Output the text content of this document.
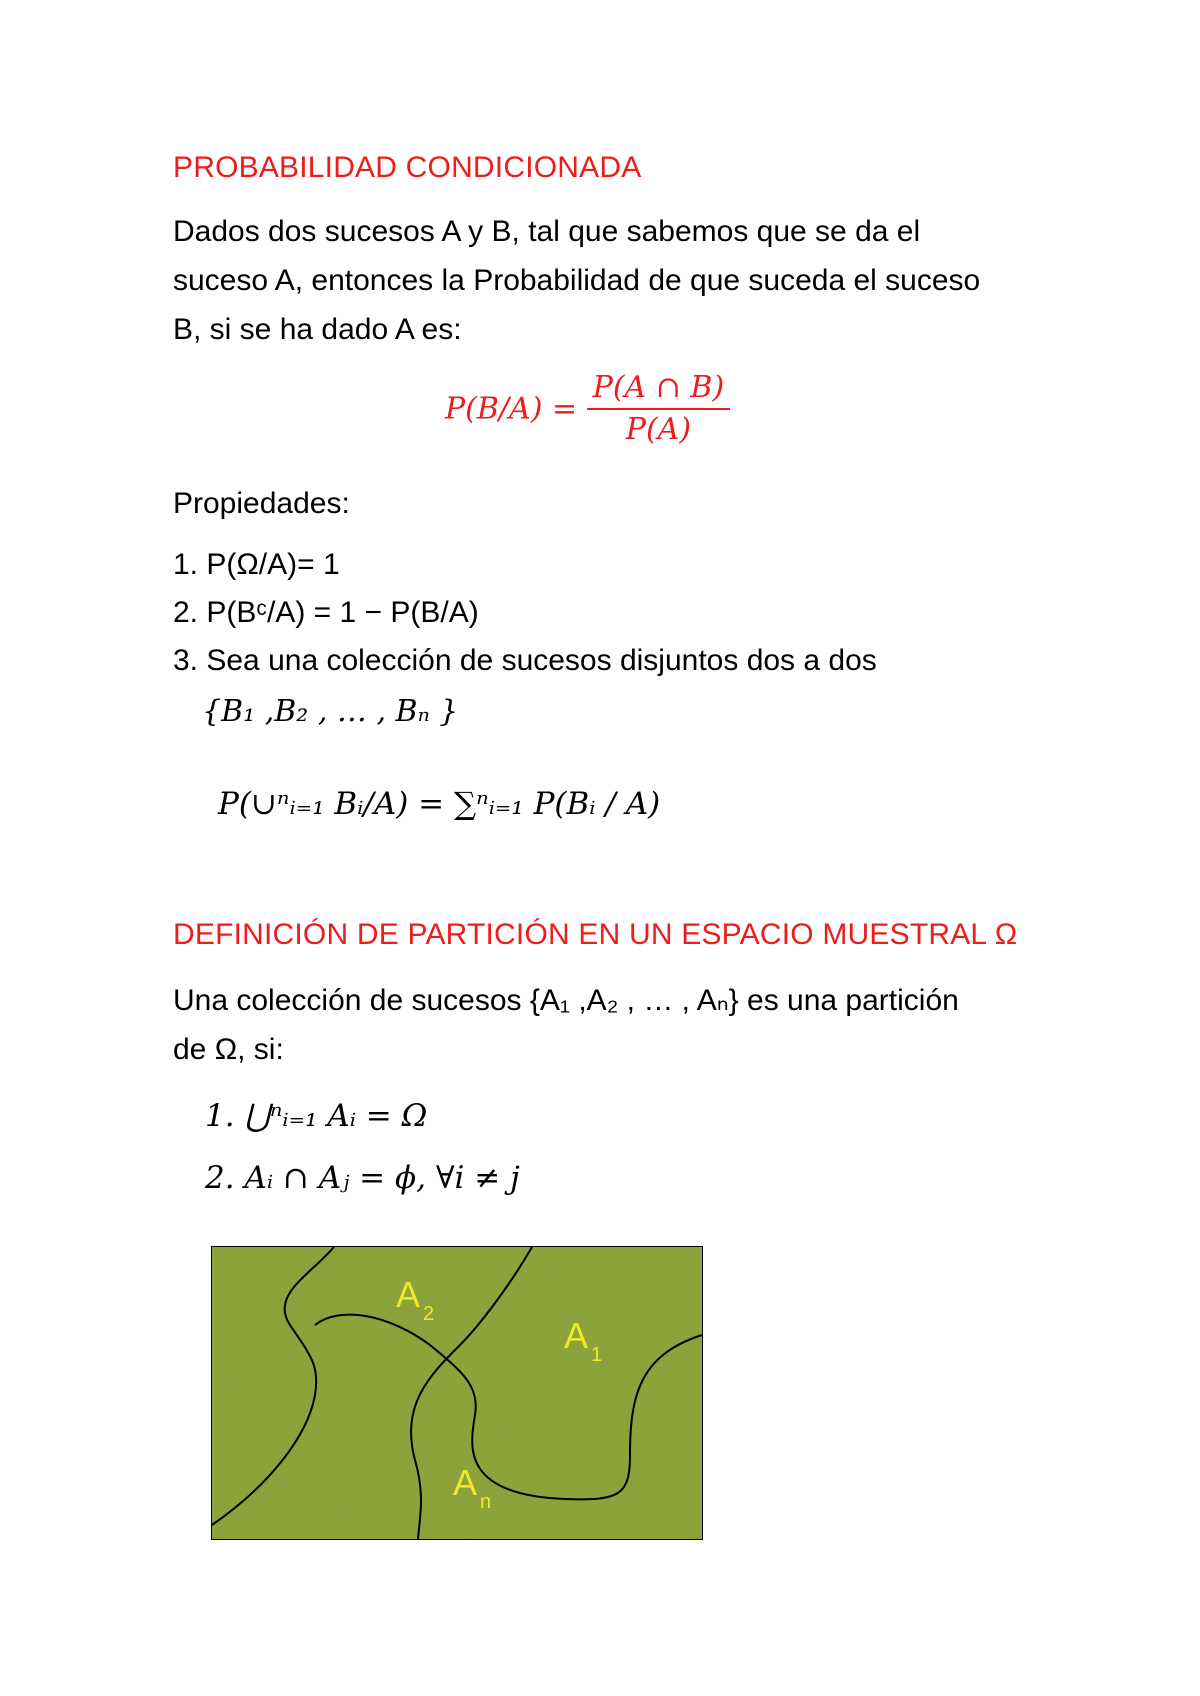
PROBABILIDAD CONDICIONADA
Dados dos sucesos A y B, tal que sabemos que se da el
suceso A, entonces la Probabilidad de que suceda el suceso
B, si se ha dado A es:
$P(B/A) = \frac{P(A \cap B)}{P(A)}$
Propiedades:
1. P(Ω/A)= 1
2. P(Bᶜ/A) = 1 − P(B/A)
3. Sea una colección de sucesos disjuntos dos a dos
{B₁ ,B₂ , … , Bₙ }
P(∪ⁿᵢ₌₁ Bᵢ/A) = ∑ⁿᵢ₌₁ P(Bᵢ / A)
DEFINICIÓN DE PARTICIÓN EN UN ESPACIO MUESTRAL Ω
Una colección de sucesos {A₁ ,A₂ , … , Aₙ} es una partición
de Ω, si:
1. ⋃ⁿᵢ₌₁ Aᵢ = Ω
2. Aᵢ ∩ Aⱼ = ϕ, ∀i ≠ j
A 2
A 1
A n
